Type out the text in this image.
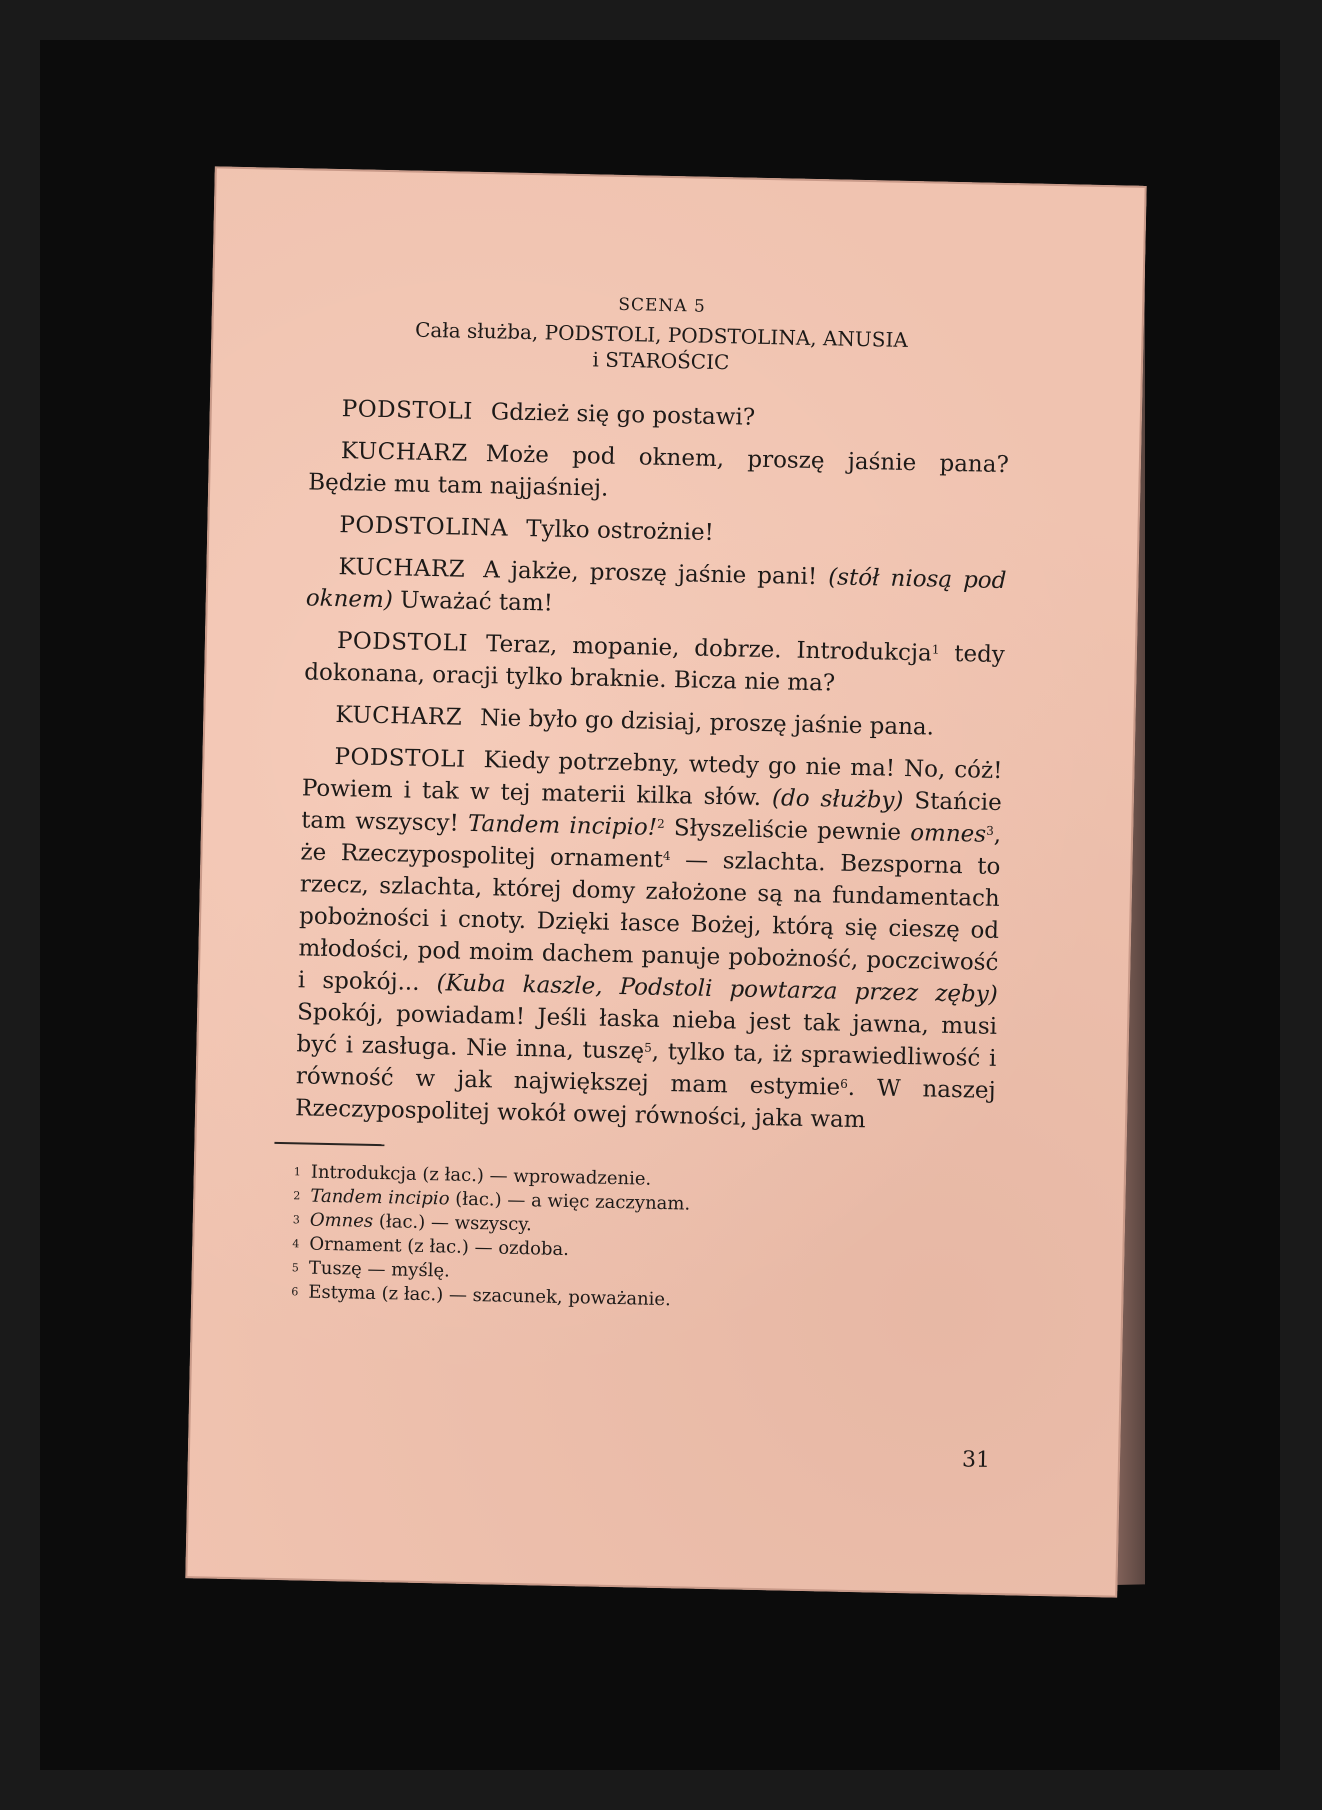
SCENA 5

Cała służba, PODSTOLI, PODSTOLINA, ANUSIA
i STAROŚCIC

PODSTOLI Gdzież się go postawi?

KUCHARZ Może pod oknem, proszę jaśnie pana? Będzie mu tam najjaśniej.

PODSTOLINA Tylko ostrożnie!

KUCHARZ A jakże, proszę jaśnie pani! (stół niosą pod oknem) Uważać tam!

PODSTOLI Teraz, mopanie, dobrze. Introdukcja$^1$ tedy dokonana, oracji tylko braknie. Bicza nie ma?

KUCHARZ Nie było go dzisiaj, proszę jaśnie pana.

PODSTOLI Kiedy potrzebny, wtedy go nie ma! No, cóż! Powiem i tak w tej materii kilka słów. (do służby) Stańcie tam wszyscy! Tandem incipio!$^2$ Słyszeliście pewnie omnes$^3$, że Rzeczypospolitej ornament$^4$ — szlachta. Bezsporna to rzecz, szlachta, której domy założone są na fundamentach pobożności i cnoty. Dzięki łasce Bożej, którą się cieszę od młodości, pod moim dachem panuje pobożność, poczciwość i spokój... (Kuba kaszle, Podstoli powtarza przez zęby) Spokój, powiadam! Jeśli łaska nieba jest tak jawna, musi być i zasługa. Nie inna, tuszę$^5$, tylko ta, iż sprawiedliwość i równość w jak największej mam estymie$^6$. W naszej Rzeczypospolitej wokół owej równości, jaka wam

$^1$ Introdukcja (z łac.) — wprowadzenie.

$^2$ Tandem incipio (łac.) — a więc zaczynam.

$^3$ Omnes (łac.) — wszyscy.

$^4$ Ornament (z łac.) — ozdoba.

$^5$ Tuszę — myślę.

$^6$ Estyma (z łac.) — szacunek, poważanie.

31
